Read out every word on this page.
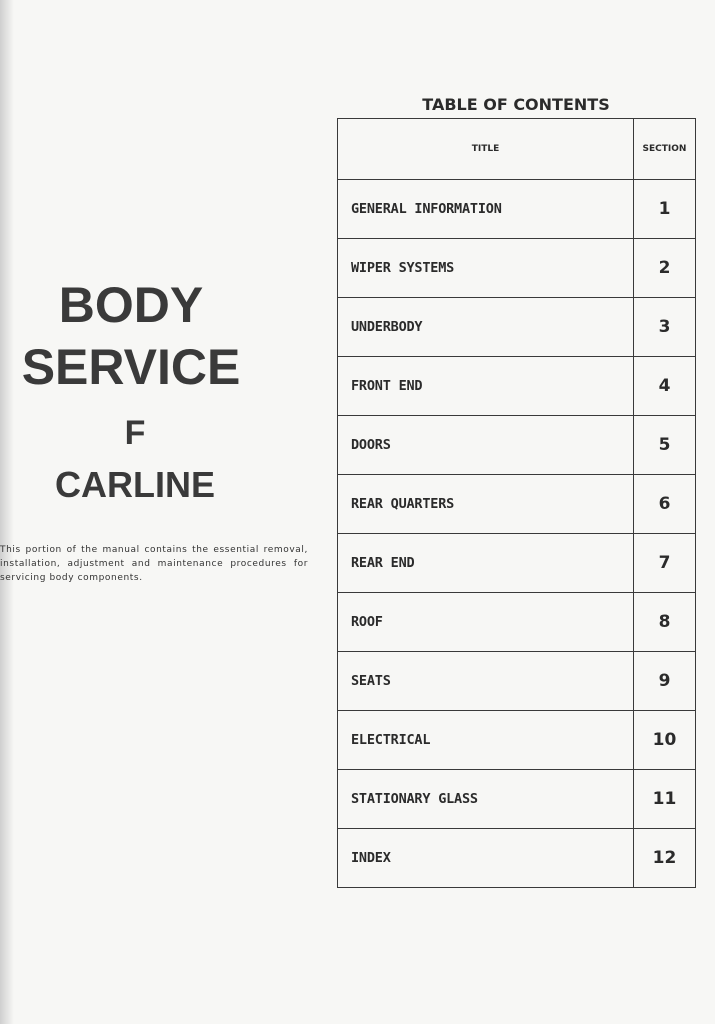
BODY
SERVICE
F
CARLINE

This portion of the manual contains the essential removal, installation, adjustment and maintenance procedures for servicing body components.

TABLE OF CONTENTS
TITLE	SECTION
GENERAL INFORMATION	1
WIPER SYSTEMS	2
UNDERBODY	3
FRONT END	4
DOORS	5
REAR QUARTERS	6
REAR END	7
ROOF	8
SEATS	9
ELECTRICAL	10
STATIONARY GLASS	11
INDEX	12
